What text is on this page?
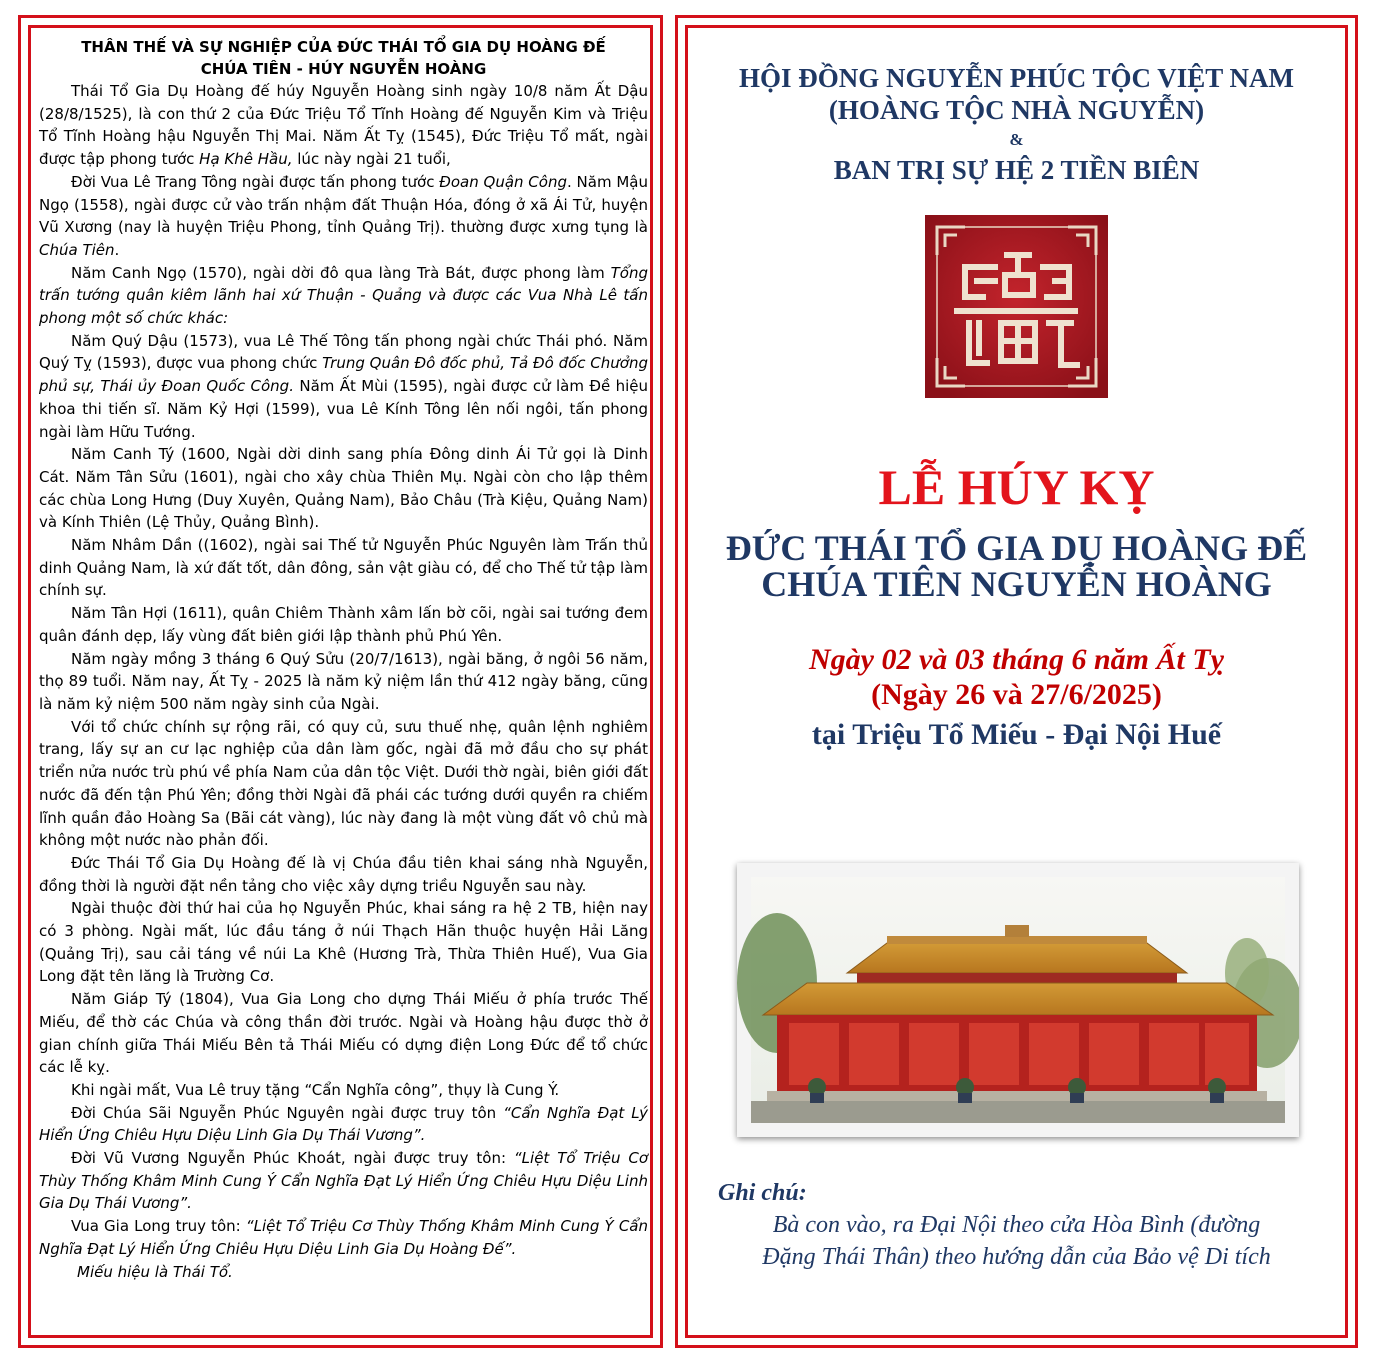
THÂN THẾ VÀ SỰ NGHIỆP CỦA ĐỨC THÁI TỔ GIA DỤ HOÀNG ĐẾ
CHÚA TIÊN - HÚY NGUYỄN HOÀNG

Thái Tổ Gia Dụ Hoàng đế húy Nguyễn Hoàng sinh ngày 10/8 năm Ất Dậu (28/8/1525), là con thứ 2 của Đức Triệu Tổ Tĩnh Hoàng đế Nguyễn Kim và Triệu Tổ Tĩnh Hoàng hậu Nguyễn Thị Mai. Năm Ất Tỵ (1545), Đức Triệu Tổ mất, ngài được tập phong tước Hạ Khê Hầu, lúc này ngài 21 tuổi,

Đời Vua Lê Trang Tông ngài được tấn phong tước Đoan Quận Công. Năm Mậu Ngọ (1558), ngài được cử vào trấn nhậm đất Thuận Hóa, đóng ở xã Ái Tử, huyện Vũ Xương (nay là huyện Triệu Phong, tỉnh Quảng Trị). thường được xưng tụng là Chúa Tiên.

Năm Canh Ngọ (1570), ngài dời đô qua làng Trà Bát, được phong làm Tổng trấn tướng quân kiêm lãnh hai xứ Thuận - Quảng và được các Vua Nhà Lê tấn phong một số chức khác:

Năm Quý Dậu (1573), vua Lê Thế Tông tấn phong ngài chức Thái phó. Năm Quý Tỵ (1593), được vua phong chức Trung Quân Đô đốc phủ, Tả Đô đốc Chưởng phủ sự, Thái ủy Đoan Quốc Công. Năm Ất Mùi (1595), ngài được cử làm Đề hiệu khoa thi tiến sĩ. Năm Kỷ Hợi (1599), vua Lê Kính Tông lên nối ngôi, tấn phong ngài làm Hữu Tướng.

Năm Canh Tý (1600, Ngài dời dinh sang phía Đông dinh Ái Tử gọi là Dinh Cát. Năm Tân Sửu (1601), ngài cho xây chùa Thiên Mụ. Ngài còn cho lập thêm các chùa Long Hưng (Duy Xuyên, Quảng Nam), Bảo Châu (Trà Kiệu, Quảng Nam) và Kính Thiên (Lệ Thủy, Quảng Bình).

Năm Nhâm Dần ((1602), ngài sai Thế tử Nguyễn Phúc Nguyên làm Trấn thủ dinh Quảng Nam, là xứ đất tốt, dân đông, sản vật giàu có, để cho Thế tử tập làm chính sự.

Năm Tân Hợi (1611), quân Chiêm Thành xâm lấn bờ cõi, ngài sai tướng đem quân đánh dẹp, lấy vùng đất biên giới lập thành phủ Phú Yên.

Năm ngày mồng 3 tháng 6 Quý Sửu (20/7/1613), ngài băng, ở ngôi 56 năm, thọ 89 tuổi. Năm nay, Ất Tỵ - 2025 là năm kỷ niệm lần thứ 412 ngày băng, cũng là năm kỷ niệm 500 năm ngày sinh của Ngài.

Với tổ chức chính sự rộng rãi, có quy củ, sưu thuế nhẹ, quân lệnh nghiêm trang, lấy sự an cư lạc nghiệp của dân làm gốc, ngài đã mở đầu cho sự phát triển nửa nước trù phú về phía Nam của dân tộc Việt. Dưới thờ ngài, biên giới đất nước đã đến tận Phú Yên; đồng thời Ngài đã phái các tướng dưới quyền ra chiếm lĩnh quần đảo Hoàng Sa (Bãi cát vàng), lúc này đang là một vùng đất vô chủ mà không một nước nào phản đối.

Đức Thái Tổ Gia Dụ Hoàng đế là vị Chúa đầu tiên khai sáng nhà Nguyễn, đồng thời là người đặt nền tảng cho việc xây dựng triều Nguyễn sau này.

Ngài thuộc đời thứ hai của họ Nguyễn Phúc, khai sáng ra hệ 2 TB, hiện nay có 3 phòng. Ngài mất, lúc đầu táng ở núi Thạch Hãn thuộc huyện Hải Lăng (Quảng Trị), sau cải táng về núi La Khê (Hương Trà, Thừa Thiên Huế), Vua Gia Long đặt tên lăng là Trường Cơ.

Năm Giáp Tý (1804), Vua Gia Long cho dựng Thái Miếu ở phía trước Thế Miếu, để thờ các Chúa và công thần đời trước. Ngài và Hoàng hậu được thờ ở gian chính giữa Thái Miếu Bên tả Thái Miếu có dựng điện Long Đức để tổ chức các lễ kỵ.

Khi ngài mất, Vua Lê truy tặng “Cẩn Nghĩa công”, thụy là Cung Ý.

Đời Chúa Sãi Nguyễn Phúc Nguyên ngài được truy tôn “Cẩn Nghĩa Đạt Lý Hiển Ứng Chiêu Hựu Diệu Linh Gia Dụ Thái Vương”.

Đời Vũ Vương Nguyễn Phúc Khoát, ngài được truy tôn: “Liệt Tổ Triệu Cơ Thùy Thống Khâm Minh Cung Ý Cẩn Nghĩa Đạt Lý Hiển Ứng Chiêu Hựu Diệu Linh Gia Dụ Thái Vương”.

Vua Gia Long truy tôn: “Liệt Tổ Triệu Cơ Thùy Thống Khâm Minh Cung Ý Cẩn Nghĩa Đạt Lý Hiển Ứng Chiêu Hựu Diệu Linh Gia Dụ Hoàng Đế”.

Miếu hiệu là Thái Tổ.

HỘI ĐỒNG NGUYỄN PHÚC TỘC VIỆT NAM
(HOÀNG TỘC NHÀ NGUYỄN)
&
BAN TRỊ SỰ HỆ 2 TIỀN BIÊN
LỄ HÚY KỴ
ĐỨC THÁI TỔ GIA DỤ HOÀNG ĐẾ
CHÚA TIÊN NGUYỄN HOÀNG
Ngày 02 và 03 tháng 6 năm Ất Tỵ
(Ngày 26 và 27/6/2025)
tại Triệu Tổ Miếu - Đại Nội Huế
Ghi chú:
Bà con vào, ra Đại Nội theo cửa Hòa Bình (đường
Đặng Thái Thân) theo hướng dẫn của Bảo vệ Di tích
